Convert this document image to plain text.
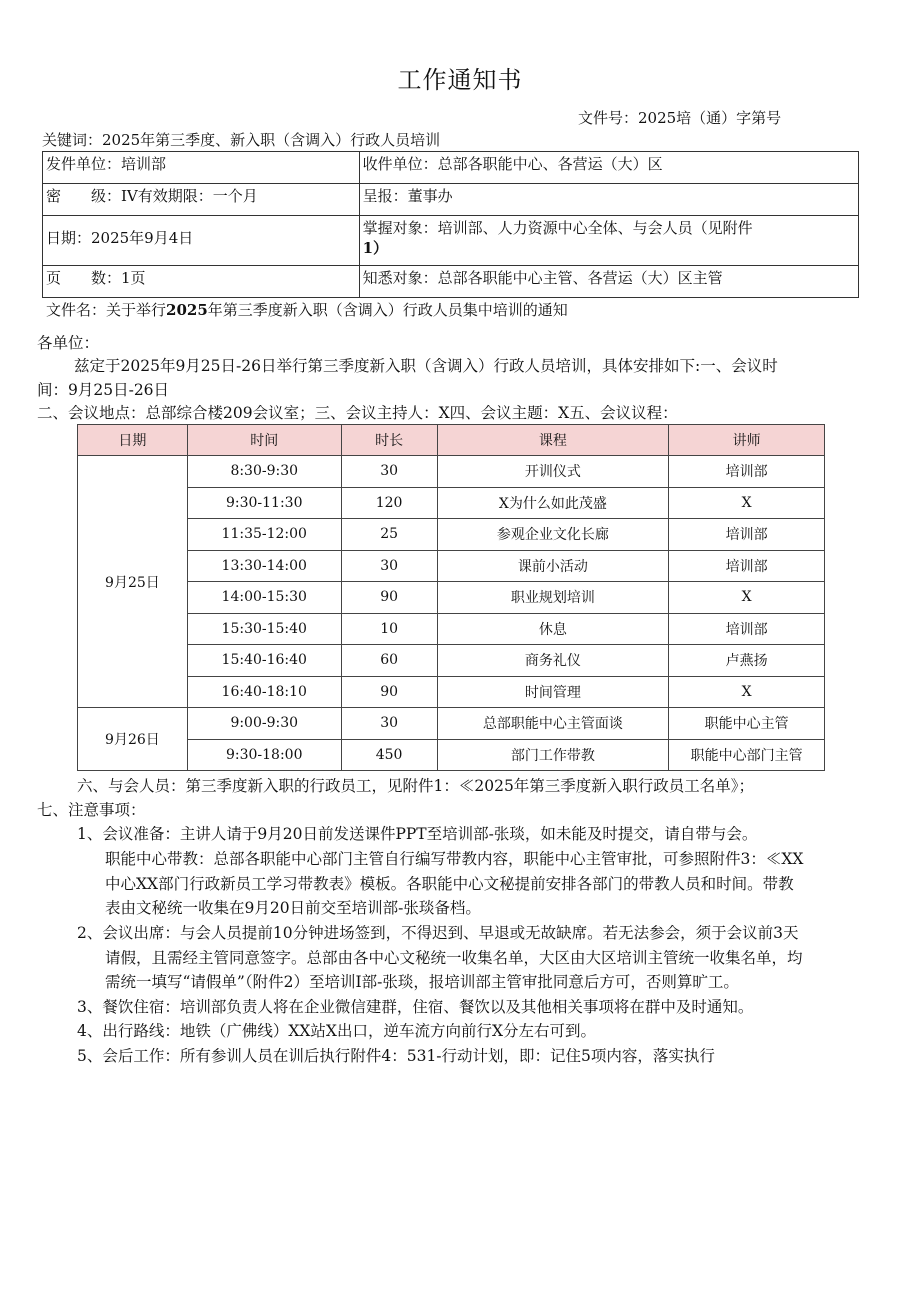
工作通知书
文件号：2025培（通）字第号
关键词：2025年第三季度、新入职（含调入）行政人员培训
发件单位：培训部	收件单位：总部各职能中心、各营运（大）区
密　　级：IV有效期限：一个月	呈报：董事办
日期：2025年9月4日	掌握对象：培训部、人力资源中心全体、与会人员（见附件
1）

页　　数：1页	知悉对象：总部各职能中心主管、各营运（大）区主管
文件名：关于举行2025年第三季度新入职（含调入）行政人员集中培训的通知
各单位：
兹定于2025年9月25日-26日举行第三季度新入职（含调入）行政人员培训，具体安排如下:一、会议时
间：9月25日-26日
二、会议地点：总部综合楼209会议室；三、会议主持人：X四、会议主题：X五、会议议程：
日期	时间	时长	课程	讲师
9月25日	8:30-9:30	30	开训仪式	培训部
	9:30-11:30	120	X为什么如此茂盛	X
	11:35-12:00	25	参观企业文化长廊	培训部
	13:30-14:00	30	课前小活动	培训部
	14:00-15:30	90	职业规划培训	X
	15:30-15:40	10	休息	培训部
	15:40-16:40	60	商务礼仪	卢燕扬
	16:40-18:10	90	时间管理	X
9月26日	9:00-9:30	30	总部职能中心主管面谈	职能中心主管
	9:30-18:00	450	部门工作带教	职能中心部门主管
六、与会人员：第三季度新入职的行政员工，见附件1：≪2025年第三季度新入职行政员工名单》；
七、注意事项：
1、会议准备：主讲人请于9月20日前发送课件PPT至培训部-张琰，如未能及时提交，请自带与会。
职能中心带教：总部各职能中心部门主管自行编写带教内容，职能中心主管审批，可参照附件3：≪XX
中心XX部门行政新员工学习带教表》模板。各职能中心文秘提前安排各部门的带教人员和时间。带教
表由文秘统一收集在9月20日前交至培训部-张琰备档。
2、会议出席：与会人员提前10分钟进场签到，不得迟到、早退或无故缺席。若无法参会，须于会议前3天
请假，且需经主管同意签字。总部由各中心文秘统一收集名单，大区由大区培训主管统一收集名单，均
需统一填写“请假单”（附件2）至培训I部-张琰，报培训部主管审批同意后方可，否则算旷工。
3、餐饮住宿：培训部负责人将在企业微信建群，住宿、餐饮以及其他相关事项将在群中及时通知。
4、出行路线：地铁（广佛线）XX站X出口，逆车流方向前行X分左右可到。
5、会后工作：所有参训人员在训后执行附件4：531-行动计划，即：记住5项内容，落实执行
